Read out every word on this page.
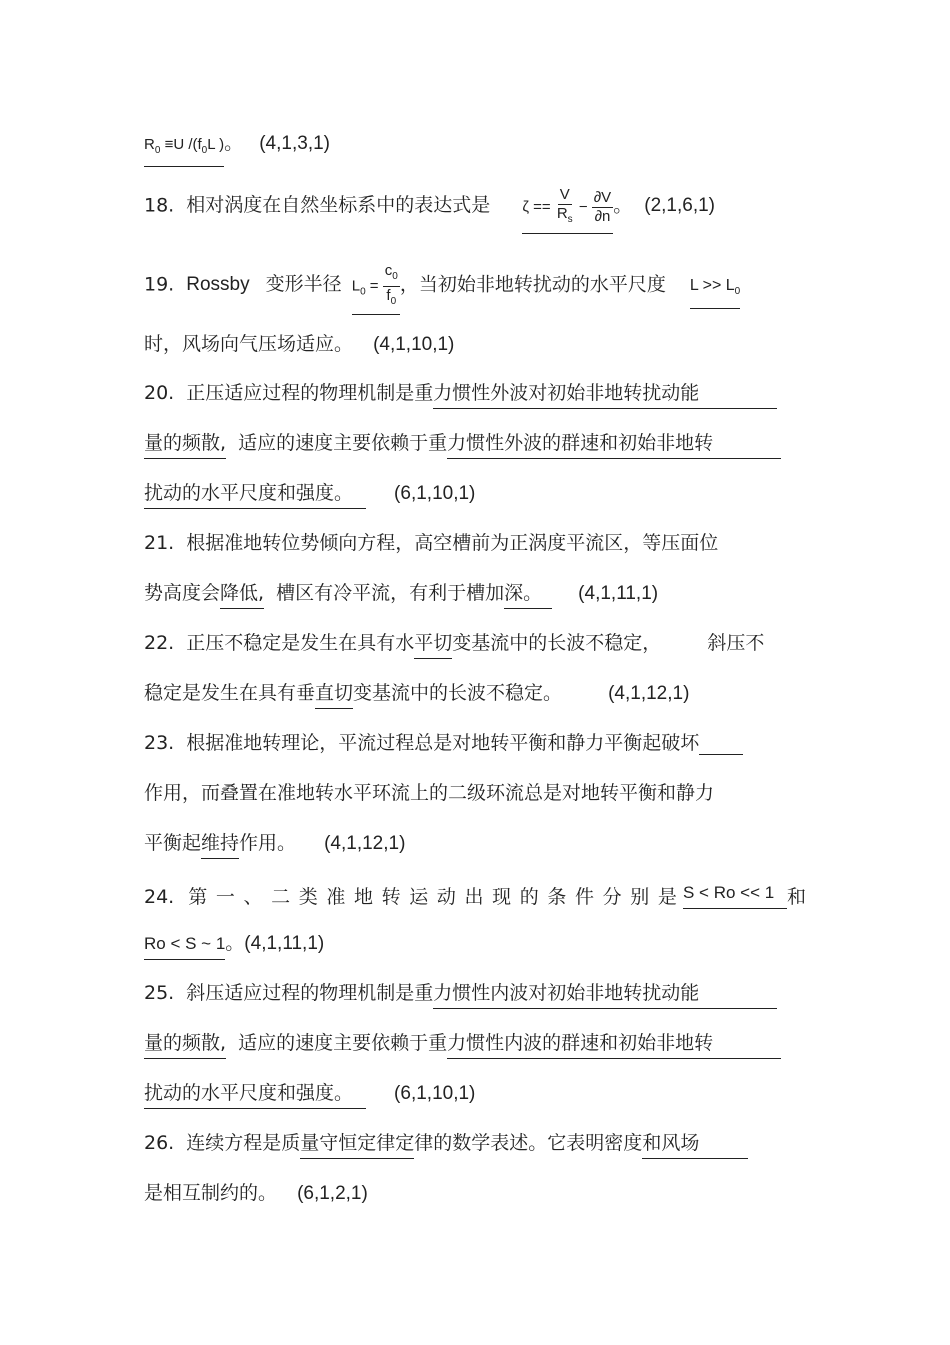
$R_0 \equiv U$ $/(f_0L$ )。 (4,1,3,1)
18. 相对涡度在自然坐标系中的表达式是 $\zeta == \frac{V}{R_s} - \frac{\partial V}{\partial n}$ 。 (2,1,6,1)
19. Rossby 变形半径 $L_0 = \frac{c_0}{f_0}$ ，当初始非地转扰动的水平尺度 $L >> L_0$
时，风场向气压场适应。 (4,1,10,1)
20. 正压适应过程的物理机制是重力惯性外波对初始非地转扰动能
量的频散, 适应的速度主要依赖于重力惯性外波的群速和初始非地转
扰动的水平尺度和强度。 (6,1,10,1)
21. 根据准地转位势倾向方程，高空槽前为正涡度平流区，等压面位
势高度会降低, 槽区有冷平流，有利于槽加深。 (4,1,11,1)
22. 正压不稳定是发生在具有水平切变基流中的长波不稳定， 斜压不
稳定是发生在具有垂直切变基流中的长波不稳定。 (4,1,12,1)
23. 根据准地转理论，平流过程总是对地转平衡和静力平衡起破坏
作用，而叠置在准地转水平环流上的二级环流总是对地转平衡和静力
平衡起维持作用。 (4,1,12,1)
24. 第 一 、 二 类 准 地 转 运 动 出 现 的 条 件 分 别 是 S < Ro << 1 和
Ro < S ~ 1。(4,1,11,1)
25. 斜压适应过程的物理机制是重力惯性内波对初始非地转扰动能
量的频散, 适应的速度主要依赖于重力惯性内波的群速和初始非地转
扰动的水平尺度和强度。 (6,1,10,1)
26. 连续方程是质量守恒定律定律的数学表述。它表明密度和风场
是相互制约的。 (6,1,2,1)
